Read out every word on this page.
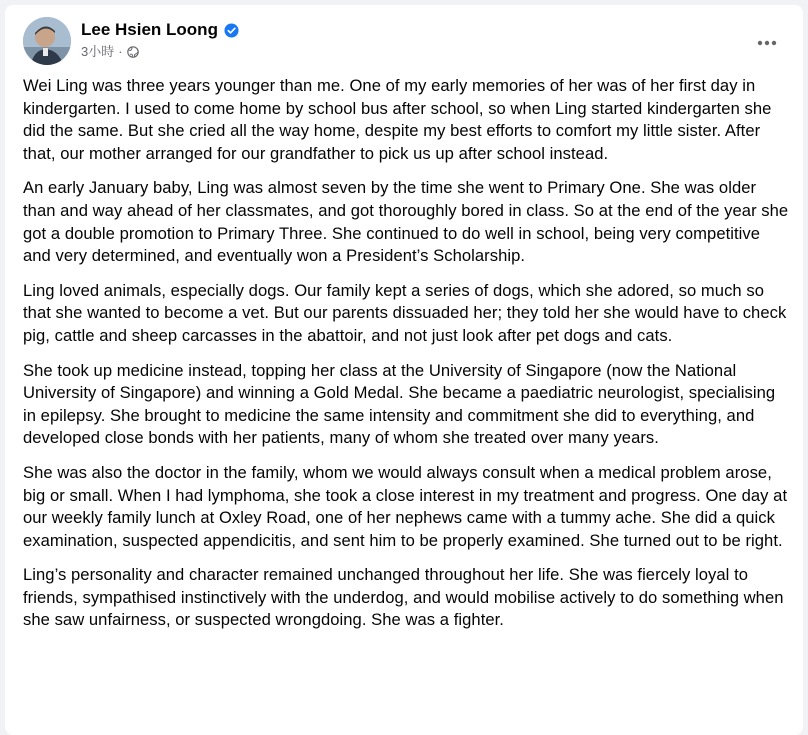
Lee Hsien Loong
3小時 ·

Wei Ling was three years younger than me. One of my early memories of her was of her first day in kindergarten. I used to come home by school bus after school, so when Ling started kindergarten she did the same. But she cried all the way home, despite my best efforts to comfort my little sister. After that, our mother arranged for our grandfather to pick us up after school instead.

An early January baby, Ling was almost seven by the time she went to Primary One. She was older than and way ahead of her classmates, and got thoroughly bored in class. So at the end of the year she got a double promotion to Primary Three. She continued to do well in school, being very competitive and very determined, and eventually won a President’s Scholarship.

Ling loved animals, especially dogs. Our family kept a series of dogs, which she adored, so much so that she wanted to become a vet. But our parents dissuaded her; they told her she would have to check pig, cattle and sheep carcasses in the abattoir, and not just look after pet dogs and cats.

She took up medicine instead, topping her class at the University of Singapore (now the National University of Singapore) and winning a Gold Medal. She became a paediatric neurologist, specialising in epilepsy. She brought to medicine the same intensity and commitment she did to everything, and developed close bonds with her patients, many of whom she treated over many years.

She was also the doctor in the family, whom we would always consult when a medical problem arose, big or small. When I had lymphoma, she took a close interest in my treatment and progress. One day at our weekly family lunch at Oxley Road, one of her nephews came with a tummy ache. She did a quick examination, suspected appendicitis, and sent him to be properly examined. She turned out to be right.

Ling’s personality and character remained unchanged throughout her life. She was fiercely loyal to friends, sympathised instinctively with the underdog, and would mobilise actively to do something when she saw unfairness, or suspected wrongdoing. She was a fighter.
